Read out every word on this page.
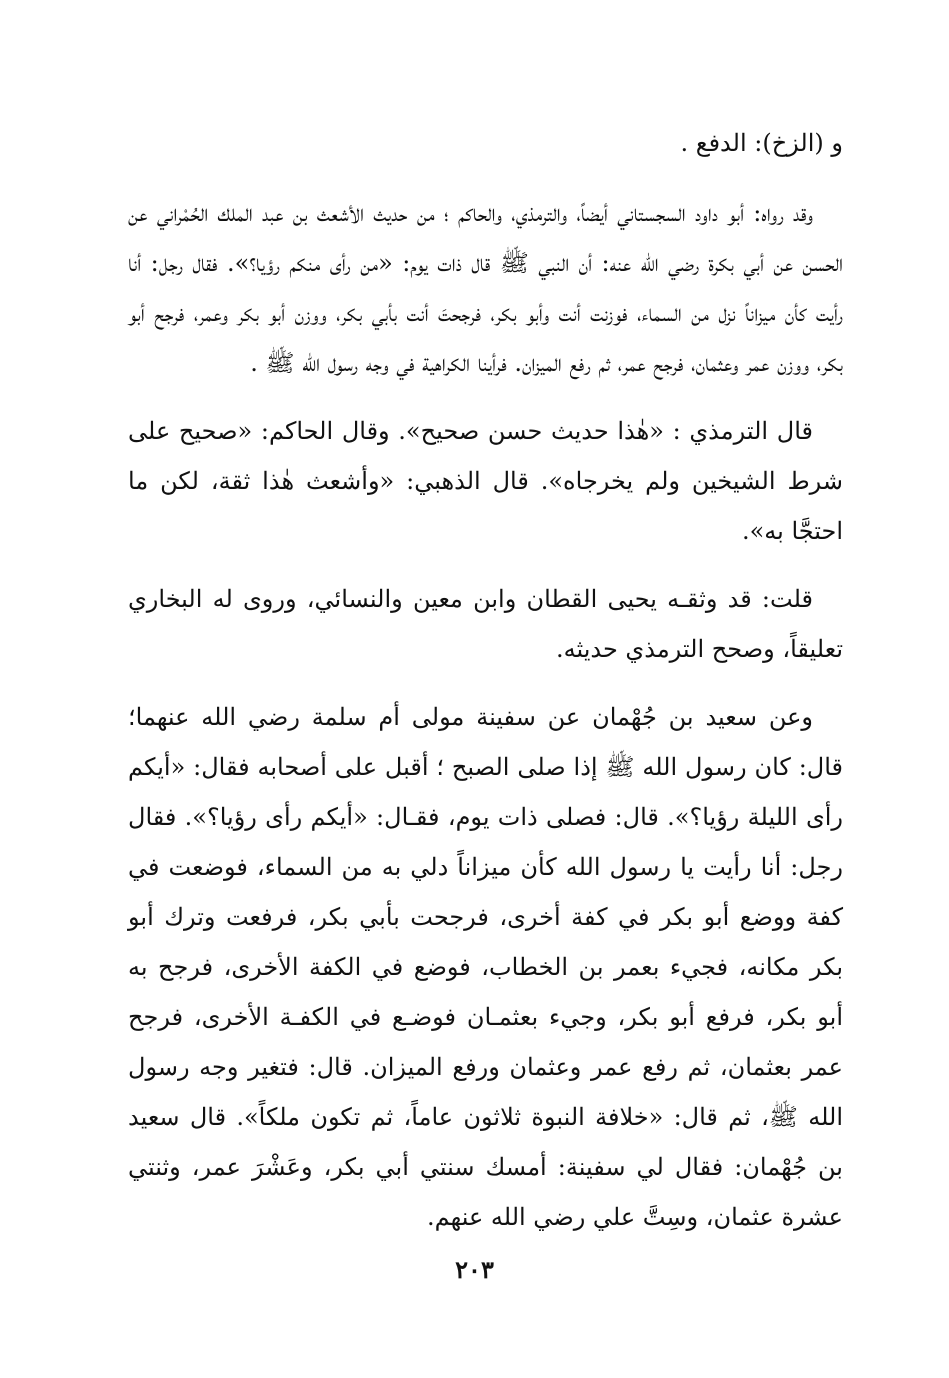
و (الزخ): الدفع .

وقد رواه: أبو داود السجستاني أيضاً، والترمذي، والحاكم ؛ من حديث الأشعث بن عبد الملك الحُمْراني عن الحسن عن أبي بكرة رضي الله عنه: أن النبي ﷺ قال ذات يوم: «من رأى منكم رؤيا؟». فقال رجل: أنا رأيت كأن ميزاناً نزل من السماء، فوزنت أنت وأبو بكر، فرجحتَ أنت بأبي بكر، ووزن أبو بكر وعمر، فرجح أبو بكر، ووزن عمر وعثمان، فرجح عمر، ثم رفع الميزان. فرأينا الكراهية في وجه رسول الله ﷺ .

قال الترمذي : «هٰذا حديث حسن صحيح». وقال الحاكم: «صحيح على شرط الشيخين ولم يخرجاه». قال الذهبي: «وأشعث هٰذا ثقة، لكن ما احتجَّا به».

قلت: قد وثقـه يحيى القطان وابن معين والنسائي، وروى له البخاري تعليقاً، وصحح الترمذي حديثه.

وعن سعيد بن جُهْمان عن سفينة مولى أم سلمة رضي الله عنهما؛ قال: كان رسول الله ﷺ إذا صلى الصبح ؛ أقبل على أصحابه فقال: «أيكم رأى الليلة رؤيا؟». قال: فصلى ذات يوم، فقـال: «أيكم رأى رؤيا؟». فقال رجل: أنا رأيت يا رسول الله كأن ميزاناً دلي به من السماء، فوضعت في كفة ووضع أبو بكر في كفة أخرى، فرجحت بأبي بكر، فرفعت وترك أبو بكر مكانه، فجيء بعمر بن الخطاب، فوضع في الكفة الأخرى، فرجح به أبو بكر، فرفع أبو بكر، وجيء بعثمـان فوضـع في الكفـة الأخرى، فرجح عمر بعثمان، ثم رفع عمر وعثمان ورفع الميزان. قال: فتغير وجه رسول الله ﷺ، ثم قال: «خلافة النبوة ثلاثون عاماً، ثم تكون ملكاً». قال سعيد بن جُهْمان: فقال لي سفينة: أمسك سنتي أبي بكر، وعَشْرَ عمر، وثنتي عشرة عثمان، وسِتَّ علي رضي الله عنهم.

٢٠٣
